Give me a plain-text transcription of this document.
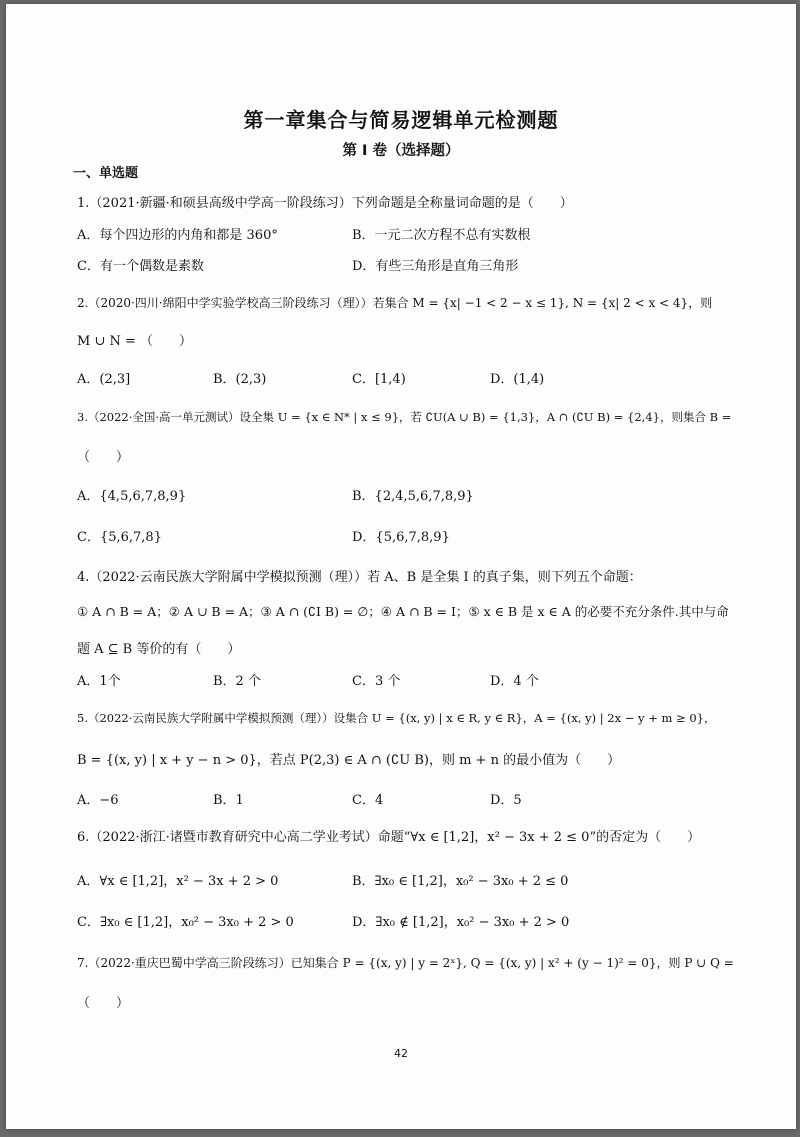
第一章集合与简易逻辑单元检测题
第 I 卷（选择题）
一、单选题
1.（2021·新疆·和硕县高级中学高一阶段练习）下列命题是全称量词命题的是（　　）
A．每个四边形的内角和都是 360°	B．一元二次方程不总有实数根
C．有一个偶数是素数	D．有些三角形是直角三角形
2.（2020·四川·绵阳中学实验学校高三阶段练习（理））若集合 M = {x| −1 < 2 − x ≤ 1}, N = {x| 2 < x < 4}，则
M ∪ N = （　　）
A．(2,3]	B．(2,3)	C．[1,4)	D．(1,4)
3.（2022·全国·高一单元测试）设全集 U = {x ∈ N* | x ≤ 9}，若 ∁U(A ∪ B) = {1,3}，A ∩ (∁U B) = {2,4}，则集合 B =
（　　）
A．{4,5,6,7,8,9}	B．{2,4,5,6,7,8,9}
C．{5,6,7,8}	D．{5,6,7,8,9}
4.（2022·云南民族大学附属中学模拟预测（理））若 A、B 是全集 I 的真子集，则下列五个命题：
① A ∩ B = A；② A ∪ B = A；③ A ∩ (∁I B) = ∅；④ A ∩ B = I；⑤ x ∈ B 是 x ∈ A 的必要不充分条件.其中与命
题 A ⊆ B 等价的有（　　）
A．1个	B．2 个	C．3 个	D．4 个
5.（2022·云南民族大学附属中学模拟预测（理））设集合 U = {(x, y) | x ∈ R, y ∈ R}，A = {(x, y) | 2x − y + m ≥ 0}，
B = {(x, y) | x + y − n > 0}，若点 P(2,3) ∈ A ∩ (∁U B)，则 m + n 的最小值为（　　）
A．−6	B．1	C．4	D．5
6.（2022·浙江·诸暨市教育研究中心高二学业考试）命题“∀x ∈ [1,2]，x² − 3x + 2 ≤ 0”的否定为（　　）
A．∀x ∈ [1,2]，x² − 3x + 2 > 0	B．∃x₀ ∈ [1,2]，x₀² − 3x₀ + 2 ≤ 0
C．∃x₀ ∈ [1,2]，x₀² − 3x₀ + 2 > 0	D．∃x₀ ∉ [1,2]，x₀² − 3x₀ + 2 > 0
7.（2022·重庆巴蜀中学高三阶段练习）已知集合 P = {(x, y) | y = 2ˣ}, Q = {(x, y) | x² + (y − 1)² = 0}，则 P ∪ Q =
（　　）
42
